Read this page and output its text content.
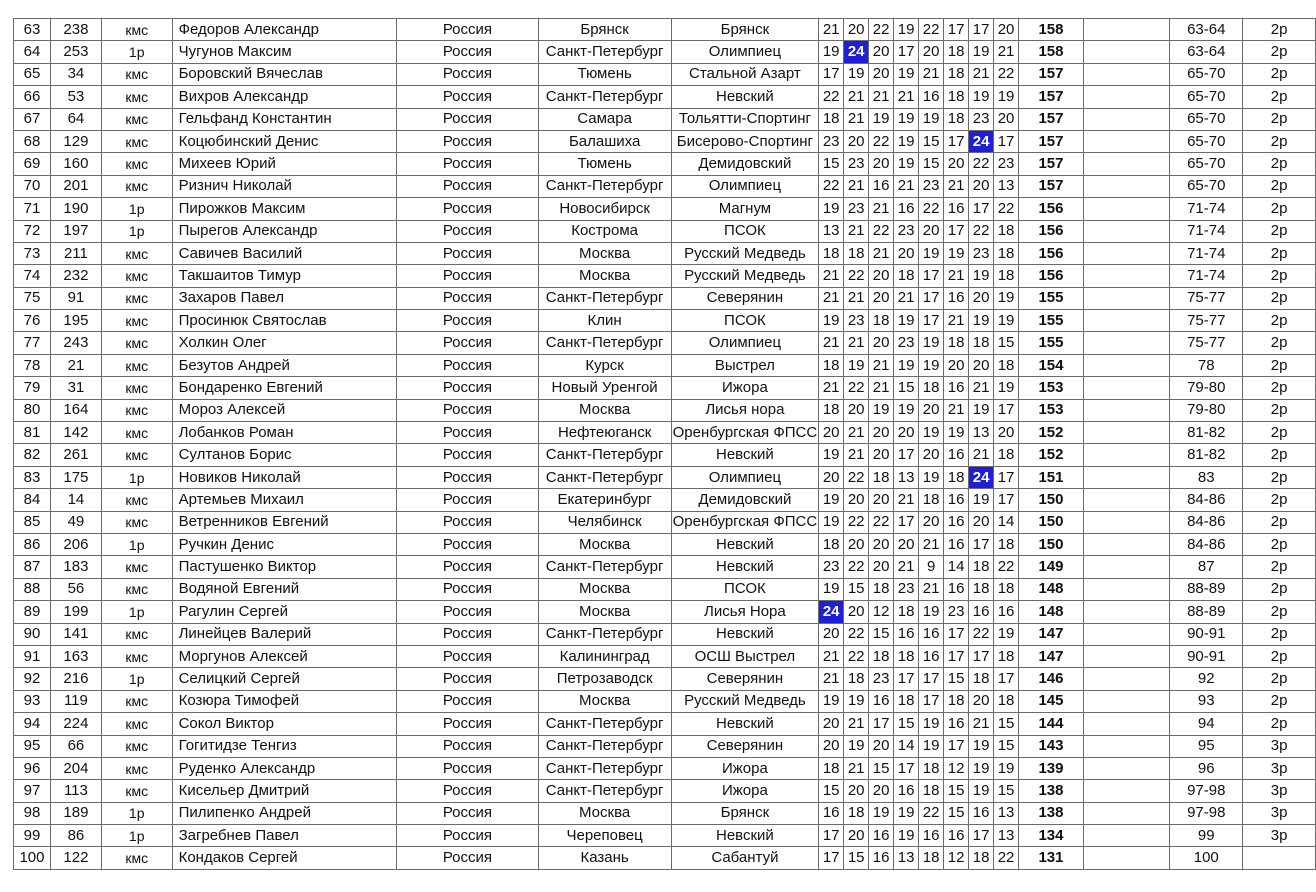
63	238	кмс	Федоров Александр	Россия	Брянск	Брянск	21	20	22	19	22	17	17	20	158		63-64	2р
64	253	1р	Чугунов Максим	Россия	Санкт-Петербург	Олимпиец	19	24	20	17	20	18	19	21	158		63-64	2р
65	34	кмс	Боровский Вячеслав	Россия	Тюмень	Стальной Азарт	17	19	20	19	21	18	21	22	157		65-70	2р
66	53	кмс	Вихров Александр	Россия	Санкт-Петербург	Невский	22	21	21	21	16	18	19	19	157		65-70	2р
67	64	кмс	Гельфанд Константин	Россия	Самара	Тольятти-Спортинг	18	21	19	19	19	18	23	20	157		65-70	2р
68	129	кмс	Коцюбинский Денис	Россия	Балашиха	Бисерово-Спортинг	23	20	22	19	15	17	24	17	157		65-70	2р
69	160	кмс	Михеев Юрий	Россия	Тюмень	Демидовский	15	23	20	19	15	20	22	23	157		65-70	2р
70	201	кмс	Ризнич Николай	Россия	Санкт-Петербург	Олимпиец	22	21	16	21	23	21	20	13	157		65-70	2р
71	190	1р	Пирожков Максим	Россия	Новосибирск	Магнум	19	23	21	16	22	16	17	22	156		71-74	2р
72	197	1р	Пырегов Александр	Россия	Кострома	ПСОК	13	21	22	23	20	17	22	18	156		71-74	2р
73	211	кмс	Савичев Василий	Россия	Москва	Русский Медведь	18	18	21	20	19	19	23	18	156		71-74	2р
74	232	кмс	Такшаитов Тимур	Россия	Москва	Русский Медведь	21	22	20	18	17	21	19	18	156		71-74	2р
75	91	кмс	Захаров Павел	Россия	Санкт-Петербург	Северянин	21	21	20	21	17	16	20	19	155		75-77	2р
76	195	кмс	Просинюк Святослав	Россия	Клин	ПСОК	19	23	18	19	17	21	19	19	155		75-77	2р
77	243	кмс	Холкин Олег	Россия	Санкт-Петербург	Олимпиец	21	21	20	23	19	18	18	15	155		75-77	2р
78	21	кмс	Безутов Андрей	Россия	Курск	Выстрел	18	19	21	19	19	20	20	18	154		78	2р
79	31	кмс	Бондаренко Евгений	Россия	Новый Уренгой	Ижора	21	22	21	15	18	16	21	19	153		79-80	2р
80	164	кмс	Мороз Алексей	Россия	Москва	Лисья нора	18	20	19	19	20	21	19	17	153		79-80	2р
81	142	кмс	Лобанков Роман	Россия	Нефтеюганск	Оренбургская ФПСС	20	21	20	20	19	19	13	20	152		81-82	2р
82	261	кмс	Султанов Борис	Россия	Санкт-Петербург	Невский	19	21	20	17	20	16	21	18	152		81-82	2р
83	175	1р	Новиков Николай	Россия	Санкт-Петербург	Олимпиец	20	22	18	13	19	18	24	17	151		83	2р
84	14	кмс	Артемьев Михаил	Россия	Екатеринбург	Демидовский	19	20	20	21	18	16	19	17	150		84-86	2р
85	49	кмс	Ветренников Евгений	Россия	Челябинск	Оренбургская ФПСС	19	22	22	17	20	16	20	14	150		84-86	2р
86	206	1р	Ручкин Денис	Россия	Москва	Невский	18	20	20	20	21	16	17	18	150		84-86	2р
87	183	кмс	Пастушенко Виктор	Россия	Санкт-Петербург	Невский	23	22	20	21	9	14	18	22	149		87	2р
88	56	кмс	Водяной Евгений	Россия	Москва	ПСОК	19	15	18	23	21	16	18	18	148		88-89	2р
89	199	1р	Рагулин Сергей	Россия	Москва	Лисья Нора	24	20	12	18	19	23	16	16	148		88-89	2р
90	141	кмс	Линейцев Валерий	Россия	Санкт-Петербург	Невский	20	22	15	16	16	17	22	19	147		90-91	2р
91	163	кмс	Моргунов Алексей	Россия	Калининград	ОСШ Выстрел	21	22	18	18	16	17	17	18	147		90-91	2р
92	216	1р	Селицкий Сергей	Россия	Петрозаводск	Северянин	21	18	23	17	17	15	18	17	146		92	2р
93	119	кмс	Козюра Тимофей	Россия	Москва	Русский Медведь	19	19	16	18	17	18	20	18	145		93	2р
94	224	кмс	Сокол Виктор	Россия	Санкт-Петербург	Невский	20	21	17	15	19	16	21	15	144		94	2р
95	66	кмс	Гогитидзе Тенгиз	Россия	Санкт-Петербург	Северянин	20	19	20	14	19	17	19	15	143		95	3р
96	204	кмс	Руденко Александр	Россия	Санкт-Петербург	Ижора	18	21	15	17	18	12	19	19	139		96	3р
97	113	кмс	Кисельер Дмитрий	Россия	Санкт-Петербург	Ижора	15	20	20	16	18	15	19	15	138		97-98	3р
98	189	1р	Пилипенко Андрей	Россия	Москва	Брянск	16	18	19	19	22	15	16	13	138		97-98	3р
99	86	1р	Загребнев Павел	Россия	Череповец	Невский	17	20	16	19	16	16	17	13	134		99	3р
100	122	кмс	Кондаков Сергей	Россия	Казань	Сабантуй	17	15	16	13	18	12	18	22	131		100	
